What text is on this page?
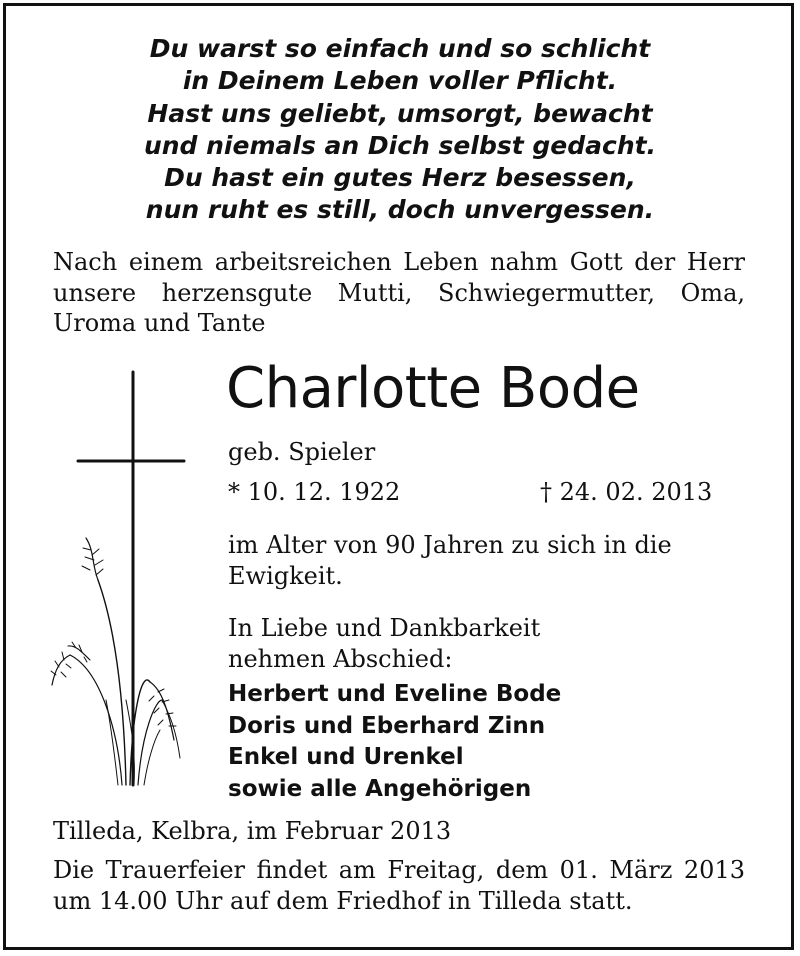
Du warst so einfach und so schlicht
in Deinem Leben voller Pflicht.
Hast uns geliebt, umsorgt, bewacht
und niemals an Dich selbst gedacht.
Du hast ein gutes Herz besessen,
nun ruht es still, doch unvergessen.
Nach einem arbeitsreichen Leben nahm Gott der Herr
unsere herzensgute Mutti, Schwiegermutter, Oma,
Uroma und Tante
Charlotte Bode
geb. Spieler
* 10. 12. 1922	† 24. 02. 2013
im Alter von 90 Jahren zu sich in die
Ewigkeit.
In Liebe und Dankbarkeit
nehmen Abschied:
Herbert und Eveline Bode
Doris und Eberhard Zinn
Enkel und Urenkel
sowie alle Angehörigen
Tilleda, Kelbra, im Februar 2013
Die Trauerfeier findet am Freitag, dem 01. März 2013
um 14.00 Uhr auf dem Friedhof in Tilleda statt.
